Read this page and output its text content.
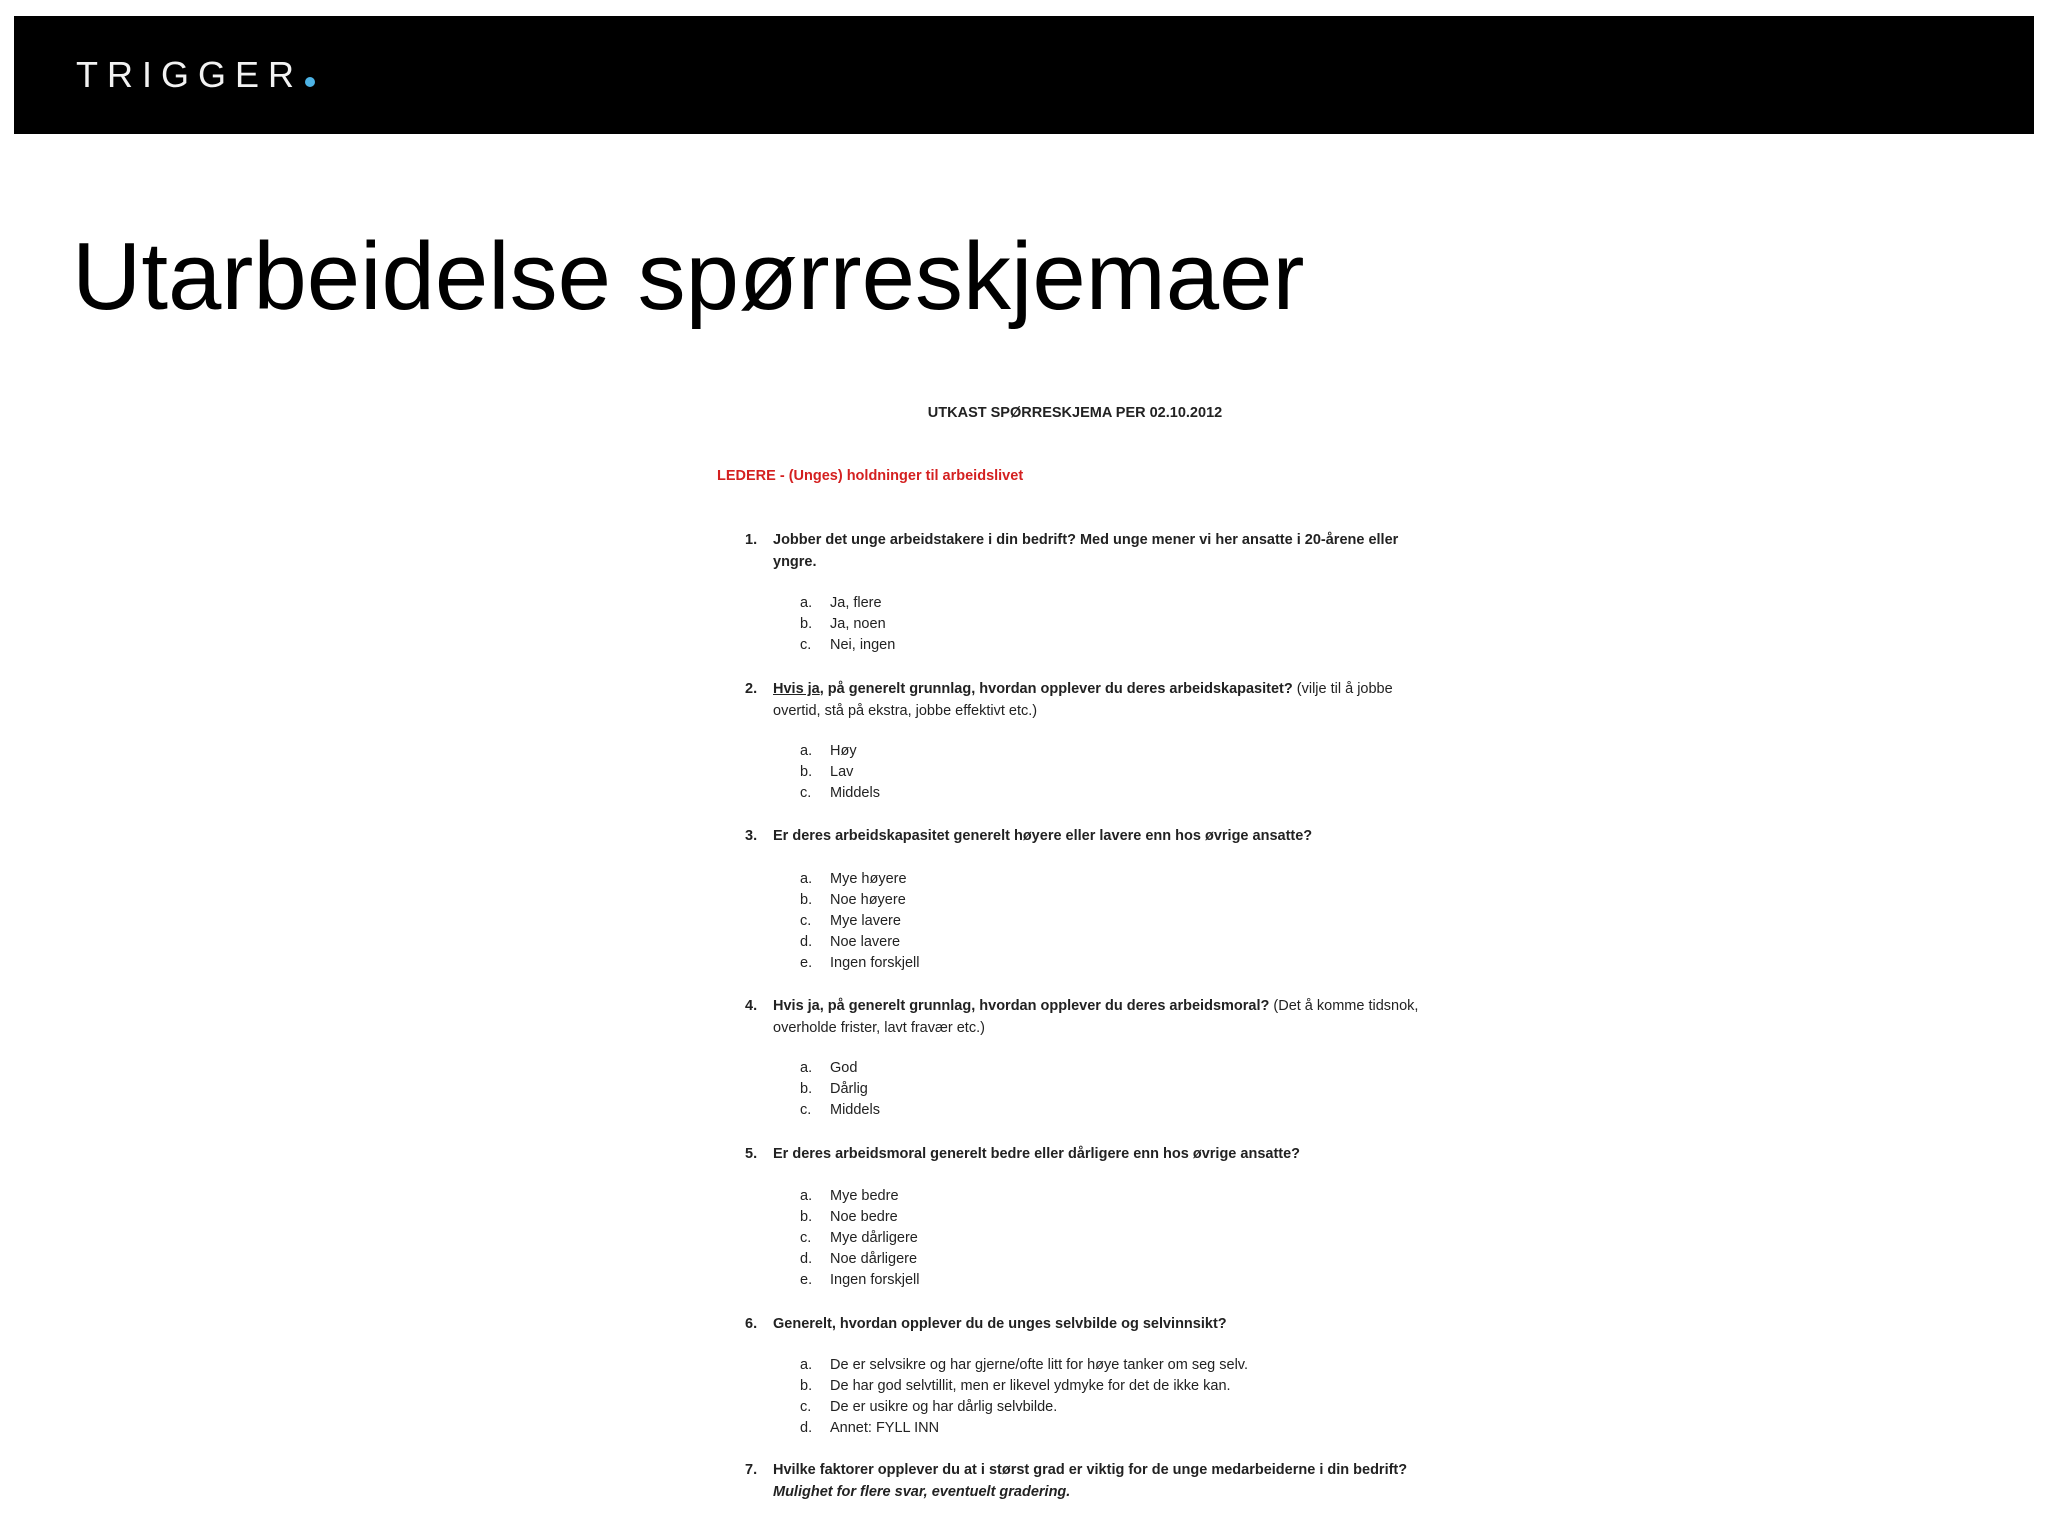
TRIGGER
Utarbeidelse spørreskjemaer
UTKAST SPØRRESKJEMA PER 02.10.2012
LEDERE - (Unges) holdninger til arbeidslivet
1.	Jobber det unge arbeidstakere i din bedrift? Med unge mener vi her ansatte i 20-årene eller yngre.
a. Ja, flere
b. Ja, noen
c. Nei, ingen
2.	Hvis ja, på generelt grunnlag, hvordan opplever du deres arbeidskapasitet? (vilje til å jobbe overtid, stå på ekstra, jobbe effektivt etc.)
a. Høy
b. Lav
c. Middels
3.	Er deres arbeidskapasitet generelt høyere eller lavere enn hos øvrige ansatte?
a. Mye høyere
b. Noe høyere
c. Mye lavere
d. Noe lavere
e. Ingen forskjell
4.	Hvis ja, på generelt grunnlag, hvordan opplever du deres arbeidsmoral? (Det å komme tidsnok, overholde frister, lavt fravær etc.)
a. God
b. Dårlig
c. Middels
5.	Er deres arbeidsmoral generelt bedre eller dårligere enn hos øvrige ansatte?
a. Mye bedre
b. Noe bedre
c. Mye dårligere
d. Noe dårligere
e. Ingen forskjell
6.	Generelt, hvordan opplever du de unges selvbilde og selvinnsikt?
a. De er selvsikre og har gjerne/ofte litt for høye tanker om seg selv.
b. De har god selvtillit, men er likevel ydmyke for det de ikke kan.
c. De er usikre og har dårlig selvbilde.
d. Annet: FYLL INN
7.	Hvilke faktorer opplever du at i størst grad er viktig for de unge medarbeiderne i din bedrift? Mulighet for flere svar, eventuelt gradering.
